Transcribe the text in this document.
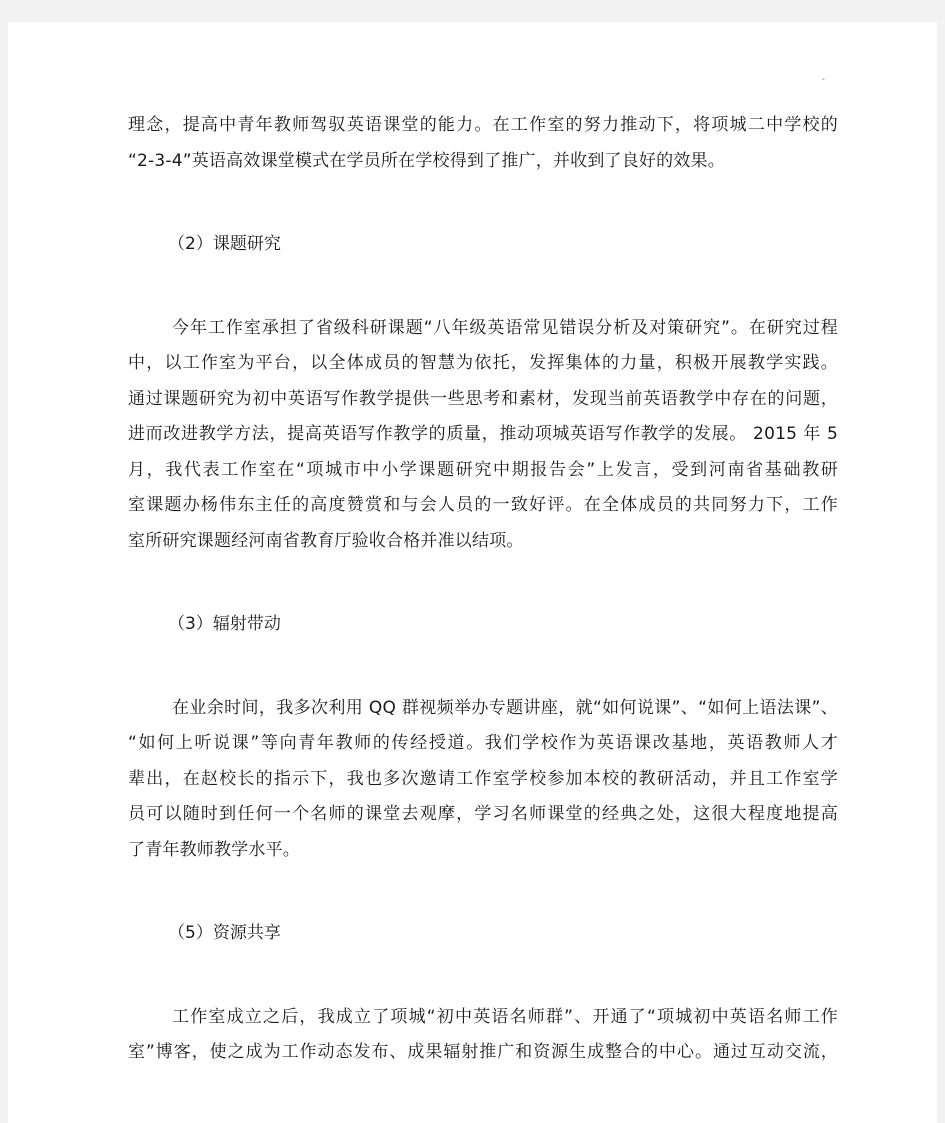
-
理念，提高中青年教师驾驭英语课堂的能力。在工作室的努力推动下，将项城二中学校的
“2-3-4”英语高效课堂模式在学员所在学校得到了推广，并收到了良好的效果。
（2）课题研究
今年工作室承担了省级科研课题“八年级英语常见错误分析及对策研究”。在研究过程
中，以工作室为平台，以全体成员的智慧为依托，发挥集体的力量，积极开展教学实践。
通过课题研究为初中英语写作教学提供一些思考和素材，发现当前英语教学中存在的问题，
进而改进教学方法，提高英语写作教学的质量，推动项城英语写作教学的发展。 2015 年 5
月，我代表工作室在“项城市中小学课题研究中期报告会”上发言，受到河南省基础教研
室课题办杨伟东主任的高度赞赏和与会人员的一致好评。在全体成员的共同努力下，工作
室所研究课题经河南省教育厅验收合格并准以结项。
（3）辐射带动
在业余时间，我多次利用 QQ 群视频举办专题讲座，就“如何说课”、“如何上语法课”、
“如何上听说课”等向青年教师的传经授道。我们学校作为英语课改基地，英语教师人才
辈出，在赵校长的指示下，我也多次邀请工作室学校参加本校的教研活动，并且工作室学
员可以随时到任何一个名师的课堂去观摩，学习名师课堂的经典之处，这很大程度地提高
了青年教师教学水平。
（5）资源共享
工作室成立之后，我成立了项城“初中英语名师群”、开通了“项城初中英语名师工作
室”博客，使之成为工作动态发布、成果辐射推广和资源生成整合的中心。通过互动交流，
